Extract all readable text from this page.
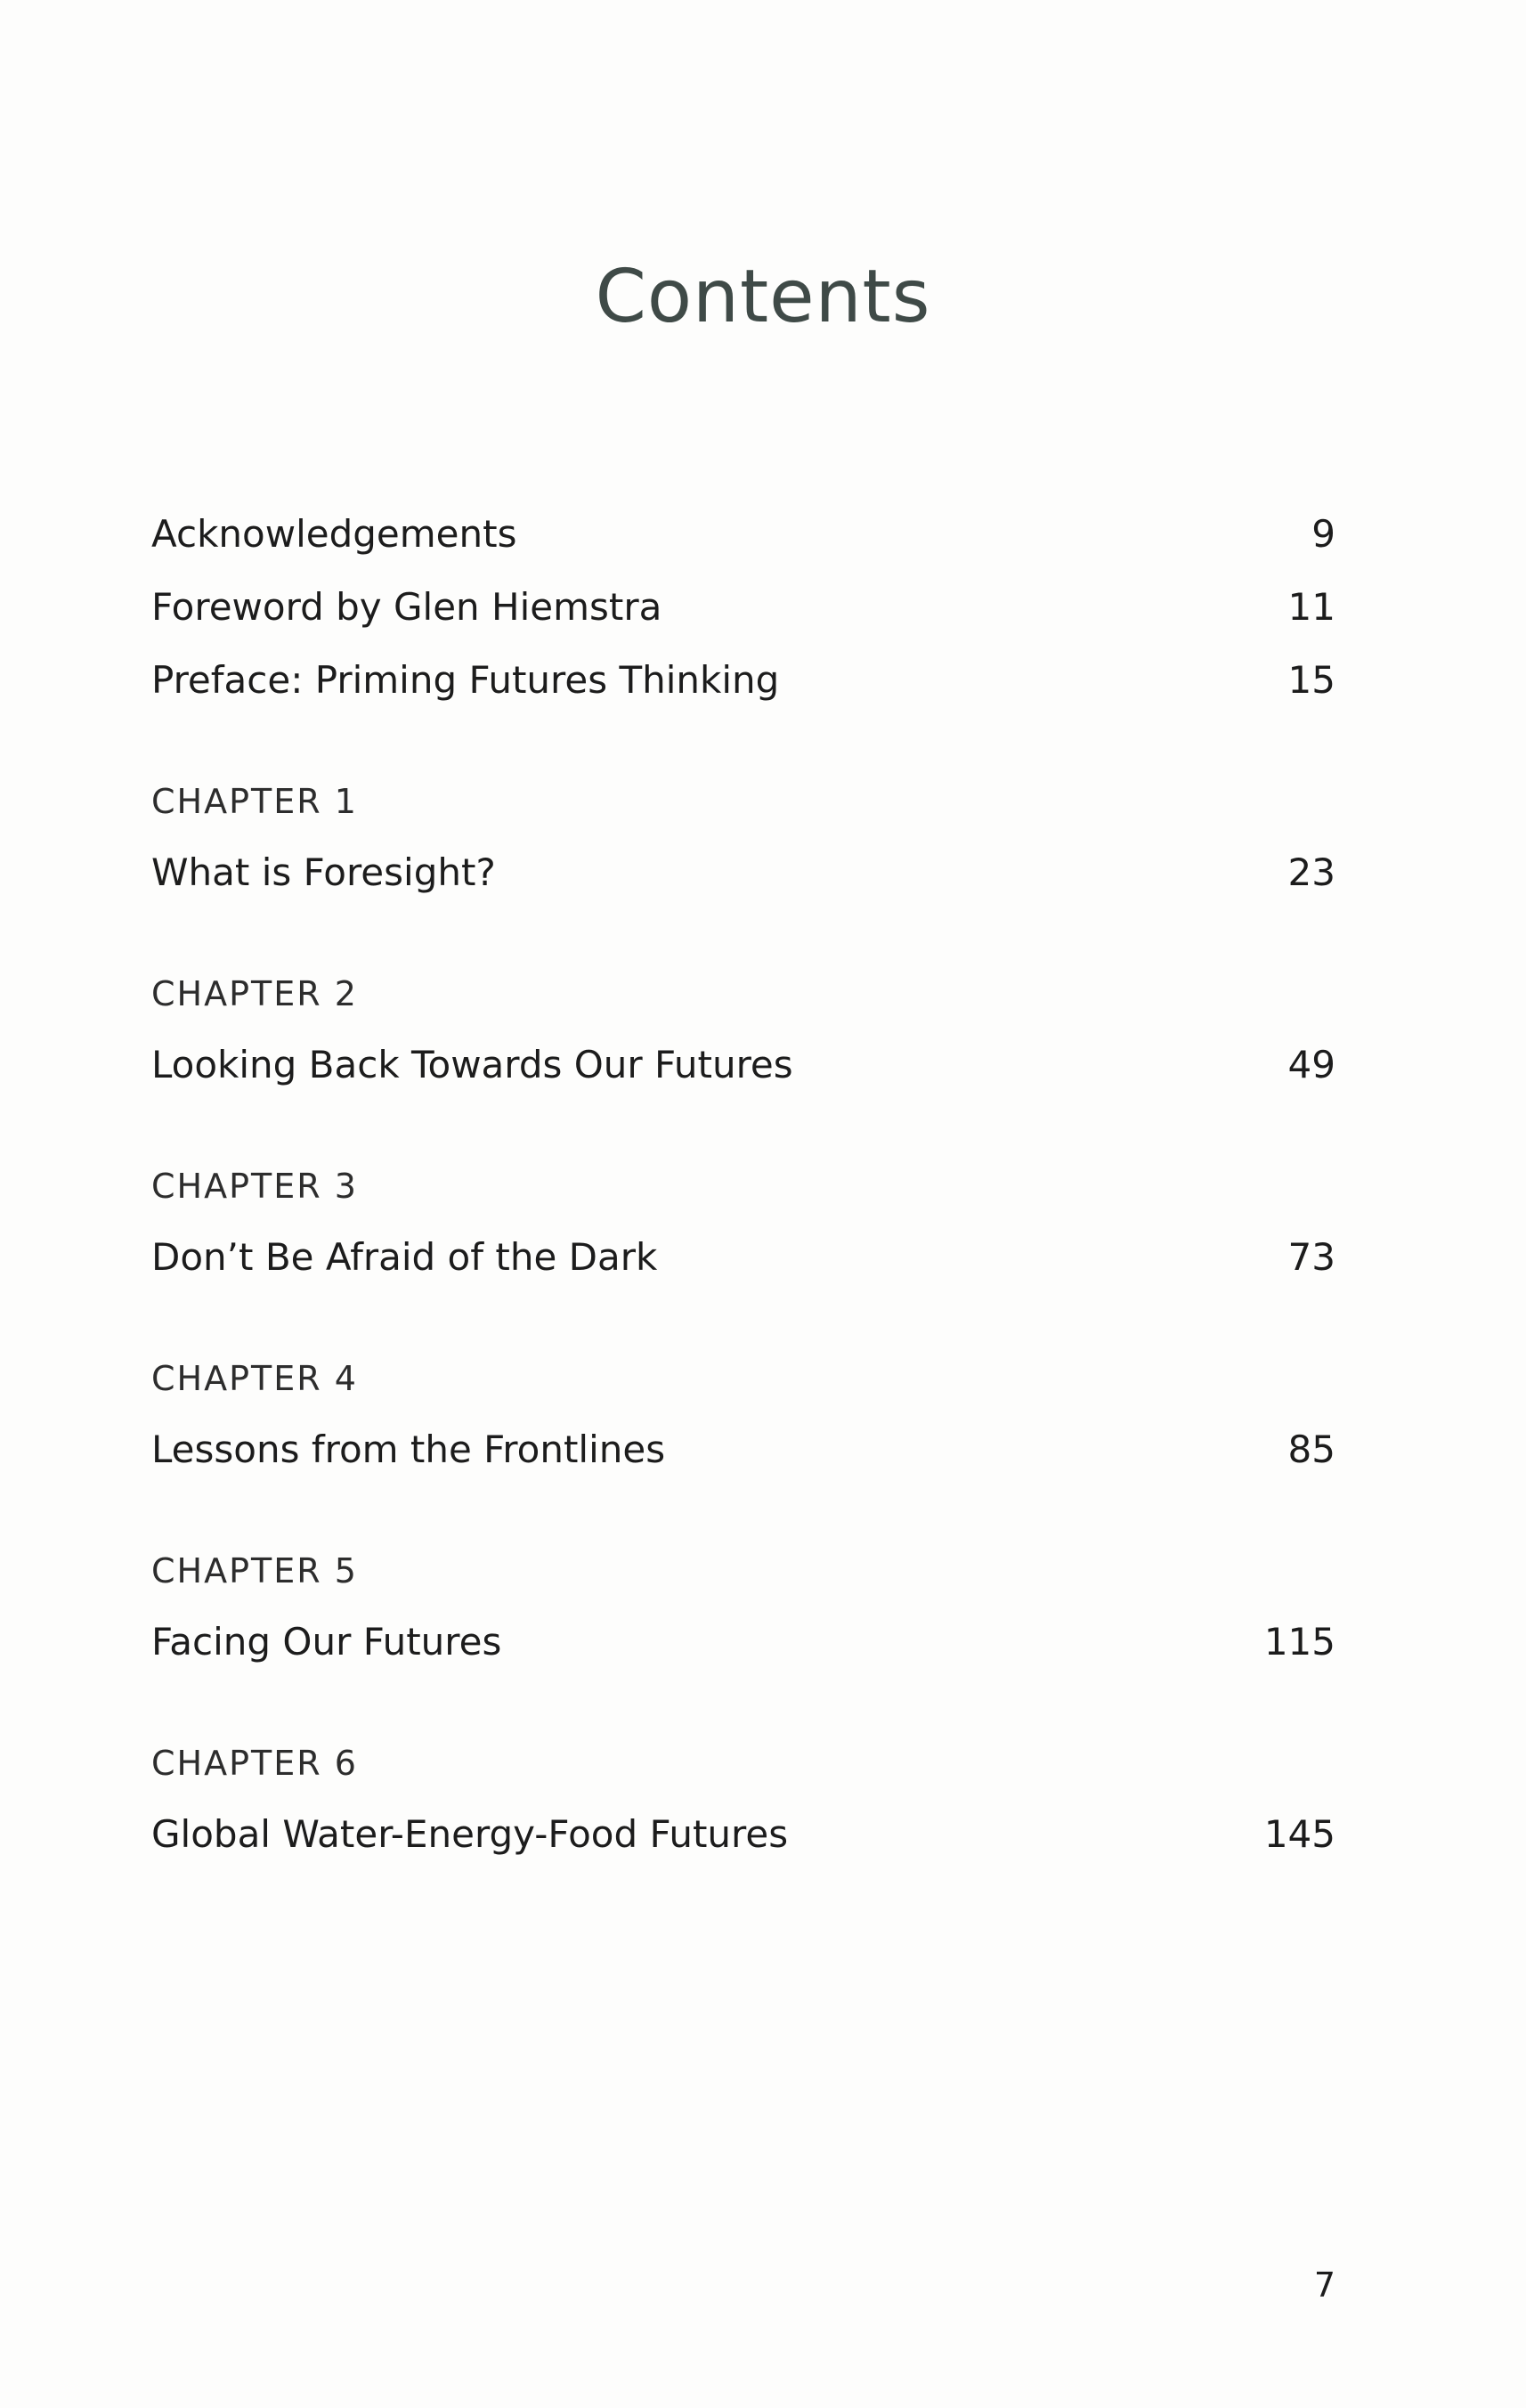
Contents
Acknowledgements	9
Foreword by Glen Hiemstra	11
Preface: Priming Futures Thinking	15
CHAPTER 1
What is Foresight?	23
CHAPTER 2
Looking Back Towards Our Futures	49
CHAPTER 3
Don’t Be Afraid of the Dark	73
CHAPTER 4
Lessons from the Frontlines	85
CHAPTER 5
Facing Our Futures	115
CHAPTER 6
Global Water-Energy-Food Futures	145
7
